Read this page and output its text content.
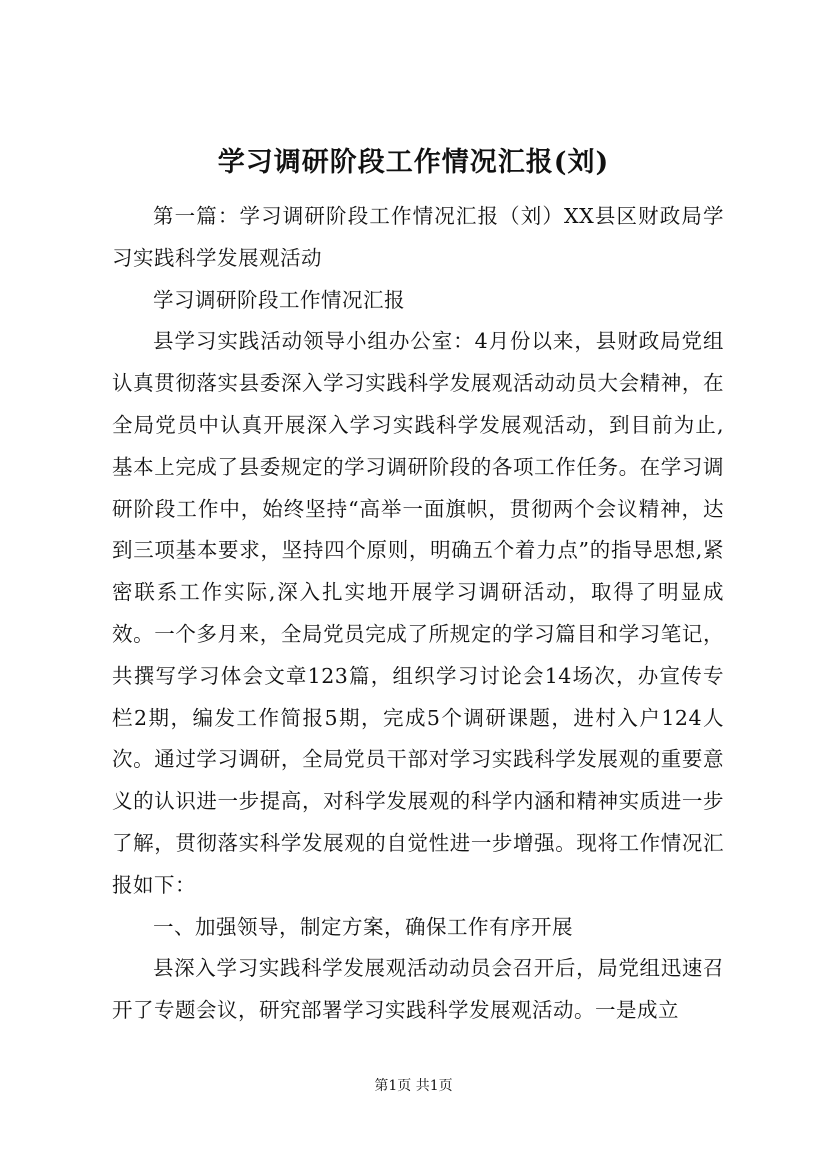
学习调研阶段工作情况汇报(刘)

第一篇：学习调研阶段工作情况汇报（刘）XX县区财政局学习实践科学发展观活动

学习调研阶段工作情况汇报

县学习实践活动领导小组办公室：4月份以来，县财政局党组认真贯彻落实县委深入学习实践科学发展观活动动员大会精神，在全局党员中认真开展深入学习实践科学发展观活动，到目前为止,基本上完成了县委规定的学习调研阶段的各项工作任务。在学习调研阶段工作中，始终坚持“高举一面旗帜，贯彻两个会议精神，达到三项基本要求，坚持四个原则，明确五个着力点”的指导思想,紧密联系工作实际,深入扎实地开展学习调研活动，取得了明显成效。一个多月来，全局党员完成了所规定的学习篇目和学习笔记，共撰写学习体会文章123篇，组织学习讨论会14场次，办宣传专栏2期，编发工作简报5期，完成5个调研课题，进村入户124人次。通过学习调研，全局党员干部对学习实践科学发展观的重要意义的认识进一步提高，对科学发展观的科学内涵和精神实质进一步了解，贯彻落实科学发展观的自觉性进一步增强。现将工作情况汇报如下：

一、加强领导，制定方案，确保工作有序开展

县深入学习实践科学发展观活动动员会召开后，局党组迅速召开了专题会议，研究部署学习实践科学发展观活动。一是成立

第1页 共1页
